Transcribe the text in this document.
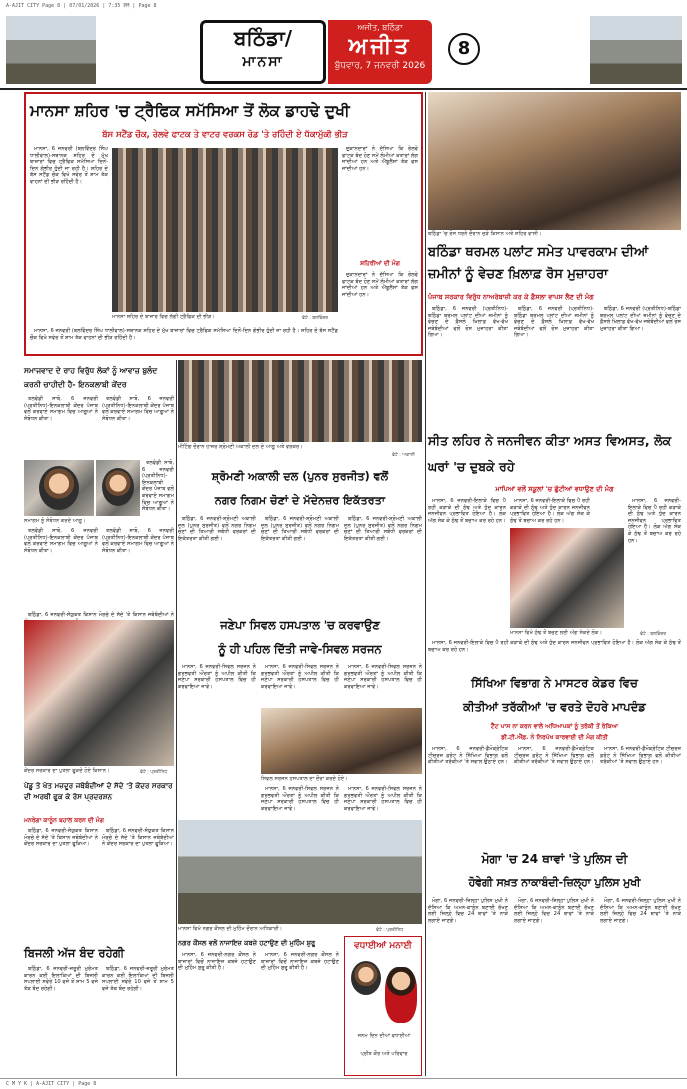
A-AJIT CITY Page 8 | 07/01/2026 | 7:35 PM | Page 8
ਬਠਿੰਡਾ/
ਮਾਨਸਾ
ਅਜੀਤ, ਬਠਿੰਡਾ
ਅਜੀਤ
ਬੁੱਧਵਾਰ, 7 ਜਨਵਰੀ 2026
8
ਮਾਨਸਾ ਸ਼ਹਿਰ 'ਚ ਟ੍ਰੈਫਿਕ ਸਮੱਸਿਆ ਤੋਂ ਲੋਕ ਡਾਹਢੇ ਦੁਖੀ
ਬੱਸ ਸਟੈਂਡ ਚੌਕ, ਰੇਲਵੇ ਫਾਟਕ ਤੇ ਵਾਟਰ ਵਰਕਸ ਰੋਡ 'ਤੇ ਰਹਿੰਦੀ ਏ ਧੱਕਾਮੁੱਕੀ ਭੀੜ

ਮਾਨਸਾ, 6 ਜਨਵਰੀ (ਬਲਵਿੰਦਰ ਸਿੰਘ ਧਾਲੀਵਾਲ)-ਸਥਾਨਕ ਸ਼ਹਿਰ ਦੇ ਮੁੱਖ ਬਾਜ਼ਾਰਾਂ ਵਿਚ ਟ੍ਰੈਫਿਕ ਸਮੱਸਿਆ ਦਿਨੋਂ-ਦਿਨ ਗੰਭੀਰ ਹੁੰਦੀ ਜਾ ਰਹੀ ਹੈ। ਸ਼ਹਿਰ ਦੇ ਬੱਸ ਸਟੈਂਡ ਚੌਕ ਵਿਖੇ ਸਵੇਰ ਤੋਂ ਸ਼ਾਮ ਤੱਕ ਵਾਹਨਾਂ ਦੀ ਭੀੜ ਰਹਿੰਦੀ ਹੈ।

ਮਾਨਸਾ ਸ਼ਹਿਰ ਦੇ ਬਾਜ਼ਾਰ ਵਿਚ ਲੱਗੀ ਟ੍ਰੈਫਿਕ ਦੀ ਭੀੜ।	ਫੋਟੋ : ਬਲਵਿੰਦਰ

ਦੁਕਾਨਦਾਰਾਂ ਨੇ ਦੱਸਿਆ ਕਿ ਰੇਲਵੇ ਫਾਟਕ ਬੰਦ ਹੋਣ ਸਮੇਂ ਲੰਮੀਆਂ ਕਤਾਰਾਂ ਲੱਗ ਜਾਂਦੀਆਂ ਹਨ ਅਤੇ ਐਂਬੂਲੈਂਸਾਂ ਤੱਕ ਫਸ ਜਾਂਦੀਆਂ ਹਨ।

ਸ਼ਹਿਰੀਆਂ ਦੀ ਮੰਗ

ਦੁਕਾਨਦਾਰਾਂ ਨੇ ਦੱਸਿਆ ਕਿ ਰੇਲਵੇ ਫਾਟਕ ਬੰਦ ਹੋਣ ਸਮੇਂ ਲੰਮੀਆਂ ਕਤਾਰਾਂ ਲੱਗ ਜਾਂਦੀਆਂ ਹਨ ਅਤੇ ਐਂਬੂਲੈਂਸਾਂ ਤੱਕ ਫਸ ਜਾਂਦੀਆਂ ਹਨ।

ਮਾਨਸਾ, 6 ਜਨਵਰੀ (ਬਲਵਿੰਦਰ ਸਿੰਘ ਧਾਲੀਵਾਲ)-ਸਥਾਨਕ ਸ਼ਹਿਰ ਦੇ ਮੁੱਖ ਬਾਜ਼ਾਰਾਂ ਵਿਚ ਟ੍ਰੈਫਿਕ ਸਮੱਸਿਆ ਦਿਨੋਂ-ਦਿਨ ਗੰਭੀਰ ਹੁੰਦੀ ਜਾ ਰਹੀ ਹੈ। ਸ਼ਹਿਰ ਦੇ ਬੱਸ ਸਟੈਂਡ ਚੌਕ ਵਿਖੇ ਸਵੇਰ ਤੋਂ ਸ਼ਾਮ ਤੱਕ ਵਾਹਨਾਂ ਦੀ ਭੀੜ ਰਹਿੰਦੀ ਹੈ।

ਬਠਿੰਡਾ 'ਚ ਰੋਸ ਧਰਨੇ ਦੌਰਾਨ ਜੁੜੇ ਕਿਸਾਨ ਅਤੇ ਸ਼ਹਿਰ ਵਾਸੀ।
ਬਠਿੰਡਾ ਥਰਮਲ ਪਲਾਂਟ ਸਮੇਤ ਪਾਵਰਕਾਮ ਦੀਆਂ ਜ਼ਮੀਨਾਂ ਨੂੰ ਵੇਚਣ ਖ਼ਿਲਾਫ਼ ਰੋਸ ਮੁਜ਼ਾਹਰਾ
ਪੰਜਾਬ ਸਰਕਾਰ ਵਿਰੁੱਧ ਨਾਅਰੇਬਾਜ਼ੀ ਕਰ ਕੇ ਫ਼ੈਸਲਾ ਵਾਪਸ ਲੈਣ ਦੀ ਮੰਗ

ਬਠਿੰਡਾ, 6 ਜਨਵਰੀ (ਪ੍ਰਤੀਨਿਧ)-ਬਠਿੰਡਾ ਥਰਮਲ ਪਲਾਂਟ ਦੀਆਂ ਜ਼ਮੀਨਾਂ ਨੂੰ ਵੇਚਣ ਦੇ ਫ਼ੈਸਲੇ ਖ਼ਿਲਾਫ਼ ਵੱਖ-ਵੱਖ ਜਥੇਬੰਦੀਆਂ ਵਲੋਂ ਰੋਸ ਮੁਜ਼ਾਹਰਾ ਕੀਤਾ ਗਿਆ।

ਬਠਿੰਡਾ, 6 ਜਨਵਰੀ (ਪ੍ਰਤੀਨਿਧ)-ਬਠਿੰਡਾ ਥਰਮਲ ਪਲਾਂਟ ਦੀਆਂ ਜ਼ਮੀਨਾਂ ਨੂੰ ਵੇਚਣ ਦੇ ਫ਼ੈਸਲੇ ਖ਼ਿਲਾਫ਼ ਵੱਖ-ਵੱਖ ਜਥੇਬੰਦੀਆਂ ਵਲੋਂ ਰੋਸ ਮੁਜ਼ਾਹਰਾ ਕੀਤਾ ਗਿਆ।

ਬਠਿੰਡਾ, 6 ਜਨਵਰੀ (ਪ੍ਰਤੀਨਿਧ)-ਬਠਿੰਡਾ ਥਰਮਲ ਪਲਾਂਟ ਦੀਆਂ ਜ਼ਮੀਨਾਂ ਨੂੰ ਵੇਚਣ ਦੇ ਫ਼ੈਸਲੇ ਖ਼ਿਲਾਫ਼ ਵੱਖ-ਵੱਖ ਜਥੇਬੰਦੀਆਂ ਵਲੋਂ ਰੋਸ ਮੁਜ਼ਾਹਰਾ ਕੀਤਾ ਗਿਆ।

ਸਮਾਜਵਾਦ ਦੇ ਰਾਹ ਵਿਰੁੱਧ ਲੋਕਾਂ ਨੂੰ ਆਵਾਜ਼ ਬੁਲੰਦ ਕਰਨੀ ਚਾਹੀਦੀ ਹੈ- ਇਨਕਲਾਬੀ ਕੇਂਦਰ

ਤਲਵੰਡੀ ਸਾਬੋ, 6 ਜਨਵਰੀ (ਪ੍ਰਤੀਨਿਧ)-ਇਨਕਲਾਬੀ ਕੇਂਦਰ ਪੰਜਾਬ ਵਲੋਂ ਕਰਵਾਏ ਸਮਾਗਮ ਵਿਚ ਆਗੂਆਂ ਨੇ ਸੰਬੋਧਨ ਕੀਤਾ।

ਤਲਵੰਡੀ ਸਾਬੋ, 6 ਜਨਵਰੀ (ਪ੍ਰਤੀਨਿਧ)-ਇਨਕਲਾਬੀ ਕੇਂਦਰ ਪੰਜਾਬ ਵਲੋਂ ਕਰਵਾਏ ਸਮਾਗਮ ਵਿਚ ਆਗੂਆਂ ਨੇ ਸੰਬੋਧਨ ਕੀਤਾ।

ਤਲਵੰਡੀ ਸਾਬੋ, 6 ਜਨਵਰੀ (ਪ੍ਰਤੀਨਿਧ)-ਇਨਕਲਾਬੀ ਕੇਂਦਰ ਪੰਜਾਬ ਵਲੋਂ ਕਰਵਾਏ ਸਮਾਗਮ ਵਿਚ ਆਗੂਆਂ ਨੇ ਸੰਬੋਧਨ ਕੀਤਾ।

ਸਮਾਗਮ ਨੂੰ ਸੰਬੋਧਨ ਕਰਦੇ ਆਗੂ।

ਤਲਵੰਡੀ ਸਾਬੋ, 6 ਜਨਵਰੀ (ਪ੍ਰਤੀਨਿਧ)-ਇਨਕਲਾਬੀ ਕੇਂਦਰ ਪੰਜਾਬ ਵਲੋਂ ਕਰਵਾਏ ਸਮਾਗਮ ਵਿਚ ਆਗੂਆਂ ਨੇ ਸੰਬੋਧਨ ਕੀਤਾ।

ਤਲਵੰਡੀ ਸਾਬੋ, 6 ਜਨਵਰੀ (ਪ੍ਰਤੀਨਿਧ)-ਇਨਕਲਾਬੀ ਕੇਂਦਰ ਪੰਜਾਬ ਵਲੋਂ ਕਰਵਾਏ ਸਮਾਗਮ ਵਿਚ ਆਗੂਆਂ ਨੇ ਸੰਬੋਧਨ ਕੀਤਾ।

ਮੀਟਿੰਗ ਦੌਰਾਨ ਹਾਜ਼ਰ ਸ਼੍ਰੋਮਣੀ ਅਕਾਲੀ ਦਲ ਦੇ ਆਗੂ ਅਤੇ ਵਰਕਰ।
ਫੋਟੋ : ਅਕਾਲੀ
ਸ਼੍ਰੋਮਣੀ ਅਕਾਲੀ ਦਲ (ਪੁਨਰ ਸੁਰਜੀਤ) ਵਲੋਂ
ਨਗਰ ਨਿਗਮ ਚੋਣਾਂ ਦੇ ਮੱਦੇਨਜ਼ਰ ਇਕੱਤਰਤਾ

ਬਠਿੰਡਾ, 6 ਜਨਵਰੀ-ਸ਼੍ਰੋਮਣੀ ਅਕਾਲੀ ਦਲ (ਪੁਨਰ ਸੁਰਜੀਤ) ਵਲੋਂ ਨਗਰ ਨਿਗਮ ਚੋਣਾਂ ਦੀ ਤਿਆਰੀ ਸਬੰਧੀ ਵਰਕਰਾਂ ਦੀ ਇਕੱਤਰਤਾ ਕੀਤੀ ਗਈ।

ਬਠਿੰਡਾ, 6 ਜਨਵਰੀ-ਸ਼੍ਰੋਮਣੀ ਅਕਾਲੀ ਦਲ (ਪੁਨਰ ਸੁਰਜੀਤ) ਵਲੋਂ ਨਗਰ ਨਿਗਮ ਚੋਣਾਂ ਦੀ ਤਿਆਰੀ ਸਬੰਧੀ ਵਰਕਰਾਂ ਦੀ ਇਕੱਤਰਤਾ ਕੀਤੀ ਗਈ।

ਬਠਿੰਡਾ, 6 ਜਨਵਰੀ-ਸ਼੍ਰੋਮਣੀ ਅਕਾਲੀ ਦਲ (ਪੁਨਰ ਸੁਰਜੀਤ) ਵਲੋਂ ਨਗਰ ਨਿਗਮ ਚੋਣਾਂ ਦੀ ਤਿਆਰੀ ਸਬੰਧੀ ਵਰਕਰਾਂ ਦੀ ਇਕੱਤਰਤਾ ਕੀਤੀ ਗਈ।

ਸੀਤ ਲਹਿਰ ਨੇ ਜਨਜੀਵਨ ਕੀਤਾ ਅਸਤ ਵਿਅਸਤ, ਲੋਕ ਘਰਾਂ 'ਚ ਦੁਬਕੇ ਰਹੇ
ਮਾਪਿਆਂ ਵਲੋਂ ਸਕੂਲਾਂ 'ਚ ਛੁੱਟੀਆਂ ਵਧਾਉਣ ਦੀ ਮੰਗ

ਮਾਨਸਾ, 6 ਜਨਵਰੀ-ਇਲਾਕੇ ਵਿਚ ਪੈ ਰਹੀ ਕੜਾਕੇ ਦੀ ਠੰਢ ਅਤੇ ਧੁੰਦ ਕਾਰਨ ਜਨਜੀਵਨ ਪ੍ਰਭਾਵਿਤ ਹੋਇਆ ਹੈ। ਲੋਕ ਅੱਗ ਸੇਕ ਕੇ ਠੰਢ ਤੋਂ ਬਚਾਅ ਕਰ ਰਹੇ ਹਨ।

ਮਾਨਸਾ, 6 ਜਨਵਰੀ-ਇਲਾਕੇ ਵਿਚ ਪੈ ਰਹੀ ਕੜਾਕੇ ਦੀ ਠੰਢ ਅਤੇ ਧੁੰਦ ਕਾਰਨ ਜਨਜੀਵਨ ਪ੍ਰਭਾਵਿਤ ਹੋਇਆ ਹੈ। ਲੋਕ ਅੱਗ ਸੇਕ ਕੇ ਠੰਢ ਤੋਂ ਬਚਾਅ ਕਰ ਰਹੇ ਹਨ।

ਮਾਨਸਾ, 6 ਜਨਵਰੀ-ਇਲਾਕੇ ਵਿਚ ਪੈ ਰਹੀ ਕੜਾਕੇ ਦੀ ਠੰਢ ਅਤੇ ਧੁੰਦ ਕਾਰਨ ਜਨਜੀਵਨ ਪ੍ਰਭਾਵਿਤ ਹੋਇਆ ਹੈ। ਲੋਕ ਅੱਗ ਸੇਕ ਕੇ ਠੰਢ ਤੋਂ ਬਚਾਅ ਕਰ ਰਹੇ ਹਨ।

ਮਾਨਸਾ ਵਿਖੇ ਠੰਢ ਤੋਂ ਬਚਣ ਲਈ ਅੱਗ ਸੇਕਦੇ ਲੋਕ।	ਫੋਟੋ : ਬਲਵਿੰਦਰ

ਮਾਨਸਾ, 6 ਜਨਵਰੀ-ਇਲਾਕੇ ਵਿਚ ਪੈ ਰਹੀ ਕੜਾਕੇ ਦੀ ਠੰਢ ਅਤੇ ਧੁੰਦ ਕਾਰਨ ਜਨਜੀਵਨ ਪ੍ਰਭਾਵਿਤ ਹੋਇਆ ਹੈ। ਲੋਕ ਅੱਗ ਸੇਕ ਕੇ ਠੰਢ ਤੋਂ ਬਚਾਅ ਕਰ ਰਹੇ ਹਨ।

ਬਠਿੰਡਾ, 6 ਜਨਵਰੀ-ਸੰਯੁਕਤ ਕਿਸਾਨ ਮੋਰਚੇ ਦੇ ਸੱਦੇ 'ਤੇ ਕਿਸਾਨ ਜਥੇਬੰਦੀਆਂ ਨੇ

ਕੇਂਦਰ ਸਰਕਾਰ ਦਾ ਪੁਤਲਾ ਫੂਕਦੇ ਹੋਏ ਕਿਸਾਨ।	ਫੋਟੋ : ਪ੍ਰਤੀਨਿਧ
ਪੇਂਡੂ ਤੇ ਖੇਤ ਮਜ਼ਦੂਰ ਜਥੇਬੰਦੀਆਂ ਦੇ ਸੱਦੇ 'ਤੇ ਕੇਂਦਰ ਸਰਕਾਰ ਦੀ ਅਰਥੀ ਫੂਕ ਕੇ ਰੋਸ ਪ੍ਰਦਰਸ਼ਨ
ਮਨਰੇਗਾ ਕਾਨੂੰਨ ਬਹਾਲ ਕਰਨ ਦੀ ਮੰਗ

ਬਠਿੰਡਾ, 6 ਜਨਵਰੀ-ਸੰਯੁਕਤ ਕਿਸਾਨ ਮੋਰਚੇ ਦੇ ਸੱਦੇ 'ਤੇ ਕਿਸਾਨ ਜਥੇਬੰਦੀਆਂ ਨੇ ਕੇਂਦਰ ਸਰਕਾਰ ਦਾ ਪੁਤਲਾ ਫੂਕਿਆ।

ਬਠਿੰਡਾ, 6 ਜਨਵਰੀ-ਸੰਯੁਕਤ ਕਿਸਾਨ ਮੋਰਚੇ ਦੇ ਸੱਦੇ 'ਤੇ ਕਿਸਾਨ ਜਥੇਬੰਦੀਆਂ ਨੇ ਕੇਂਦਰ ਸਰਕਾਰ ਦਾ ਪੁਤਲਾ ਫੂਕਿਆ।

ਜਣੇਪਾ ਸਿਵਲ ਹਸਪਤਾਲ 'ਚ ਕਰਵਾਉਣ
ਨੂੰ ਹੀ ਪਹਿਲ ਦਿੱਤੀ ਜਾਵੇ-ਸਿਵਲ ਸਰਜਨ

ਮਾਨਸਾ, 6 ਜਨਵਰੀ-ਸਿਵਲ ਸਰਜਨ ਨੇ ਗਰਭਵਤੀ ਔਰਤਾਂ ਨੂੰ ਅਪੀਲ ਕੀਤੀ ਕਿ ਜਣੇਪਾ ਸਰਕਾਰੀ ਹਸਪਤਾਲ ਵਿਚ ਹੀ ਕਰਵਾਇਆ ਜਾਵੇ।

ਮਾਨਸਾ, 6 ਜਨਵਰੀ-ਸਿਵਲ ਸਰਜਨ ਨੇ ਗਰਭਵਤੀ ਔਰਤਾਂ ਨੂੰ ਅਪੀਲ ਕੀਤੀ ਕਿ ਜਣੇਪਾ ਸਰਕਾਰੀ ਹਸਪਤਾਲ ਵਿਚ ਹੀ ਕਰਵਾਇਆ ਜਾਵੇ।

ਮਾਨਸਾ, 6 ਜਨਵਰੀ-ਸਿਵਲ ਸਰਜਨ ਨੇ ਗਰਭਵਤੀ ਔਰਤਾਂ ਨੂੰ ਅਪੀਲ ਕੀਤੀ ਕਿ ਜਣੇਪਾ ਸਰਕਾਰੀ ਹਸਪਤਾਲ ਵਿਚ ਹੀ ਕਰਵਾਇਆ ਜਾਵੇ।

ਸਿਵਲ ਸਰਜਨ ਹਸਪਤਾਲ ਦਾ ਦੌਰਾ ਕਰਦੇ ਹੋਏ।

ਮਾਨਸਾ, 6 ਜਨਵਰੀ-ਸਿਵਲ ਸਰਜਨ ਨੇ ਗਰਭਵਤੀ ਔਰਤਾਂ ਨੂੰ ਅਪੀਲ ਕੀਤੀ ਕਿ ਜਣੇਪਾ ਸਰਕਾਰੀ ਹਸਪਤਾਲ ਵਿਚ ਹੀ ਕਰਵਾਇਆ ਜਾਵੇ।

ਮਾਨਸਾ, 6 ਜਨਵਰੀ-ਸਿਵਲ ਸਰਜਨ ਨੇ ਗਰਭਵਤੀ ਔਰਤਾਂ ਨੂੰ ਅਪੀਲ ਕੀਤੀ ਕਿ ਜਣੇਪਾ ਸਰਕਾਰੀ ਹਸਪਤਾਲ ਵਿਚ ਹੀ ਕਰਵਾਇਆ ਜਾਵੇ।

ਸਿੱਖਿਆ ਵਿਭਾਗ ਨੇ ਮਾਸਟਰ ਕੇਡਰ ਵਿਚ
ਕੀਤੀਆਂ ਤਰੱਕੀਆਂ 'ਚ ਵਰਤੇ ਦੋਹਰੇ ਮਾਪਦੰਡ
ਟੈੱਟ ਪਾਸ ਨਾ ਕਰਨ ਵਾਲੇ ਅਧਿਆਪਕਾਂ ਨੂੰ ਤਰੱਕੀ ਤੋਂ ਰੋਕਿਆ
ਡੀ.ਟੀ.ਐੱਫ਼. ਨੇ ਨਿਰਪੱਖ ਕਾਰਵਾਈ ਦੀ ਮੰਗ ਕੀਤੀ

ਮਾਨਸਾ, 6 ਜਨਵਰੀ-ਡੈਮੋਕ੍ਰੇਟਿਕ ਟੀਚਰਜ਼ ਫ਼ਰੰਟ ਨੇ ਸਿੱਖਿਆ ਵਿਭਾਗ ਵਲੋਂ ਕੀਤੀਆਂ ਤਰੱਕੀਆਂ 'ਤੇ ਸਵਾਲ ਉਠਾਏ ਹਨ।

ਮਾਨਸਾ, 6 ਜਨਵਰੀ-ਡੈਮੋਕ੍ਰੇਟਿਕ ਟੀਚਰਜ਼ ਫ਼ਰੰਟ ਨੇ ਸਿੱਖਿਆ ਵਿਭਾਗ ਵਲੋਂ ਕੀਤੀਆਂ ਤਰੱਕੀਆਂ 'ਤੇ ਸਵਾਲ ਉਠਾਏ ਹਨ।

ਮਾਨਸਾ, 6 ਜਨਵਰੀ-ਡੈਮੋਕ੍ਰੇਟਿਕ ਟੀਚਰਜ਼ ਫ਼ਰੰਟ ਨੇ ਸਿੱਖਿਆ ਵਿਭਾਗ ਵਲੋਂ ਕੀਤੀਆਂ ਤਰੱਕੀਆਂ 'ਤੇ ਸਵਾਲ ਉਠਾਏ ਹਨ।

ਮੋਗਾ 'ਚ 24 ਥਾਵਾਂ 'ਤੇ ਪੁਲਿਸ ਦੀ
ਹੋਵੇਗੀ ਸਖ਼ਤ ਨਾਕਾਬੰਦੀ-ਜ਼ਿਲ੍ਹਾ ਪੁਲਿਸ ਮੁਖੀ

ਮੋਗਾ, 6 ਜਨਵਰੀ-ਜ਼ਿਲ੍ਹਾ ਪੁਲਿਸ ਮੁਖੀ ਨੇ ਦੱਸਿਆ ਕਿ ਅਮਨ-ਕਾਨੂੰਨ ਬਣਾਈ ਰੱਖਣ ਲਈ ਜ਼ਿਲ੍ਹੇ ਵਿਚ 24 ਥਾਵਾਂ 'ਤੇ ਨਾਕੇ ਲਗਾਏ ਜਾਣਗੇ।

ਮੋਗਾ, 6 ਜਨਵਰੀ-ਜ਼ਿਲ੍ਹਾ ਪੁਲਿਸ ਮੁਖੀ ਨੇ ਦੱਸਿਆ ਕਿ ਅਮਨ-ਕਾਨੂੰਨ ਬਣਾਈ ਰੱਖਣ ਲਈ ਜ਼ਿਲ੍ਹੇ ਵਿਚ 24 ਥਾਵਾਂ 'ਤੇ ਨਾਕੇ ਲਗਾਏ ਜਾਣਗੇ।

ਮੋਗਾ, 6 ਜਨਵਰੀ-ਜ਼ਿਲ੍ਹਾ ਪੁਲਿਸ ਮੁਖੀ ਨੇ ਦੱਸਿਆ ਕਿ ਅਮਨ-ਕਾਨੂੰਨ ਬਣਾਈ ਰੱਖਣ ਲਈ ਜ਼ਿਲ੍ਹੇ ਵਿਚ 24 ਥਾਵਾਂ 'ਤੇ ਨਾਕੇ ਲਗਾਏ ਜਾਣਗੇ।

ਮਾਨਸਾ ਵਿਖੇ ਨਗਰ ਕੌਂਸਲ ਦੀ ਮੁਹਿੰਮ ਦੌਰਾਨ ਅਧਿਕਾਰੀ।	ਫੋਟੋ : ਪ੍ਰਤੀਨਿਧ
ਨਗਰ ਕੌਂਸਲ ਵਲੋਂ ਨਾਜਾਇਜ਼ ਕਬਜ਼ੇ ਹਟਾਉਣ ਦੀ ਮੁਹਿੰਮ ਸ਼ੁਰੂ

ਮਾਨਸਾ, 6 ਜਨਵਰੀ-ਨਗਰ ਕੌਂਸਲ ਨੇ ਬਾਜ਼ਾਰਾਂ ਵਿਚੋਂ ਨਾਜਾਇਜ਼ ਕਬਜ਼ੇ ਹਟਾਉਣ ਦੀ ਮੁਹਿੰਮ ਸ਼ੁਰੂ ਕੀਤੀ ਹੈ।

ਮਾਨਸਾ, 6 ਜਨਵਰੀ-ਨਗਰ ਕੌਂਸਲ ਨੇ ਬਾਜ਼ਾਰਾਂ ਵਿਚੋਂ ਨਾਜਾਇਜ਼ ਕਬਜ਼ੇ ਹਟਾਉਣ ਦੀ ਮੁਹਿੰਮ ਸ਼ੁਰੂ ਕੀਤੀ ਹੈ।

ਵਧਾਈਆਂ ਮਨਾਈ
ਜਨਮ ਦਿਨ ਦੀਆਂ ਵਧਾਈਆਂ
ਪ੍ਰੀਤ ਕੌਰ ਅਤੇ ਪਰਿਵਾਰ
ਬਿਜਲੀ ਅੱਜ ਬੰਦ ਰਹੇਗੀ

ਬਠਿੰਡਾ, 6 ਜਨਵਰੀ-ਜ਼ਰੂਰੀ ਮੁਰੰਮਤ ਕਾਰਨ ਕਈ ਇਲਾਕਿਆਂ ਦੀ ਬਿਜਲੀ ਸਪਲਾਈ ਸਵੇਰੇ 10 ਵਜੇ ਤੋਂ ਸ਼ਾਮ 5 ਵਜੇ ਤੱਕ ਬੰਦ ਰਹੇਗੀ।

ਬਠਿੰਡਾ, 6 ਜਨਵਰੀ-ਜ਼ਰੂਰੀ ਮੁਰੰਮਤ ਕਾਰਨ ਕਈ ਇਲਾਕਿਆਂ ਦੀ ਬਿਜਲੀ ਸਪਲਾਈ ਸਵੇਰੇ 10 ਵਜੇ ਤੋਂ ਸ਼ਾਮ 5 ਵਜੇ ਤੱਕ ਬੰਦ ਰਹੇਗੀ।

C M Y K | A-AJIT CITY | Page 8
